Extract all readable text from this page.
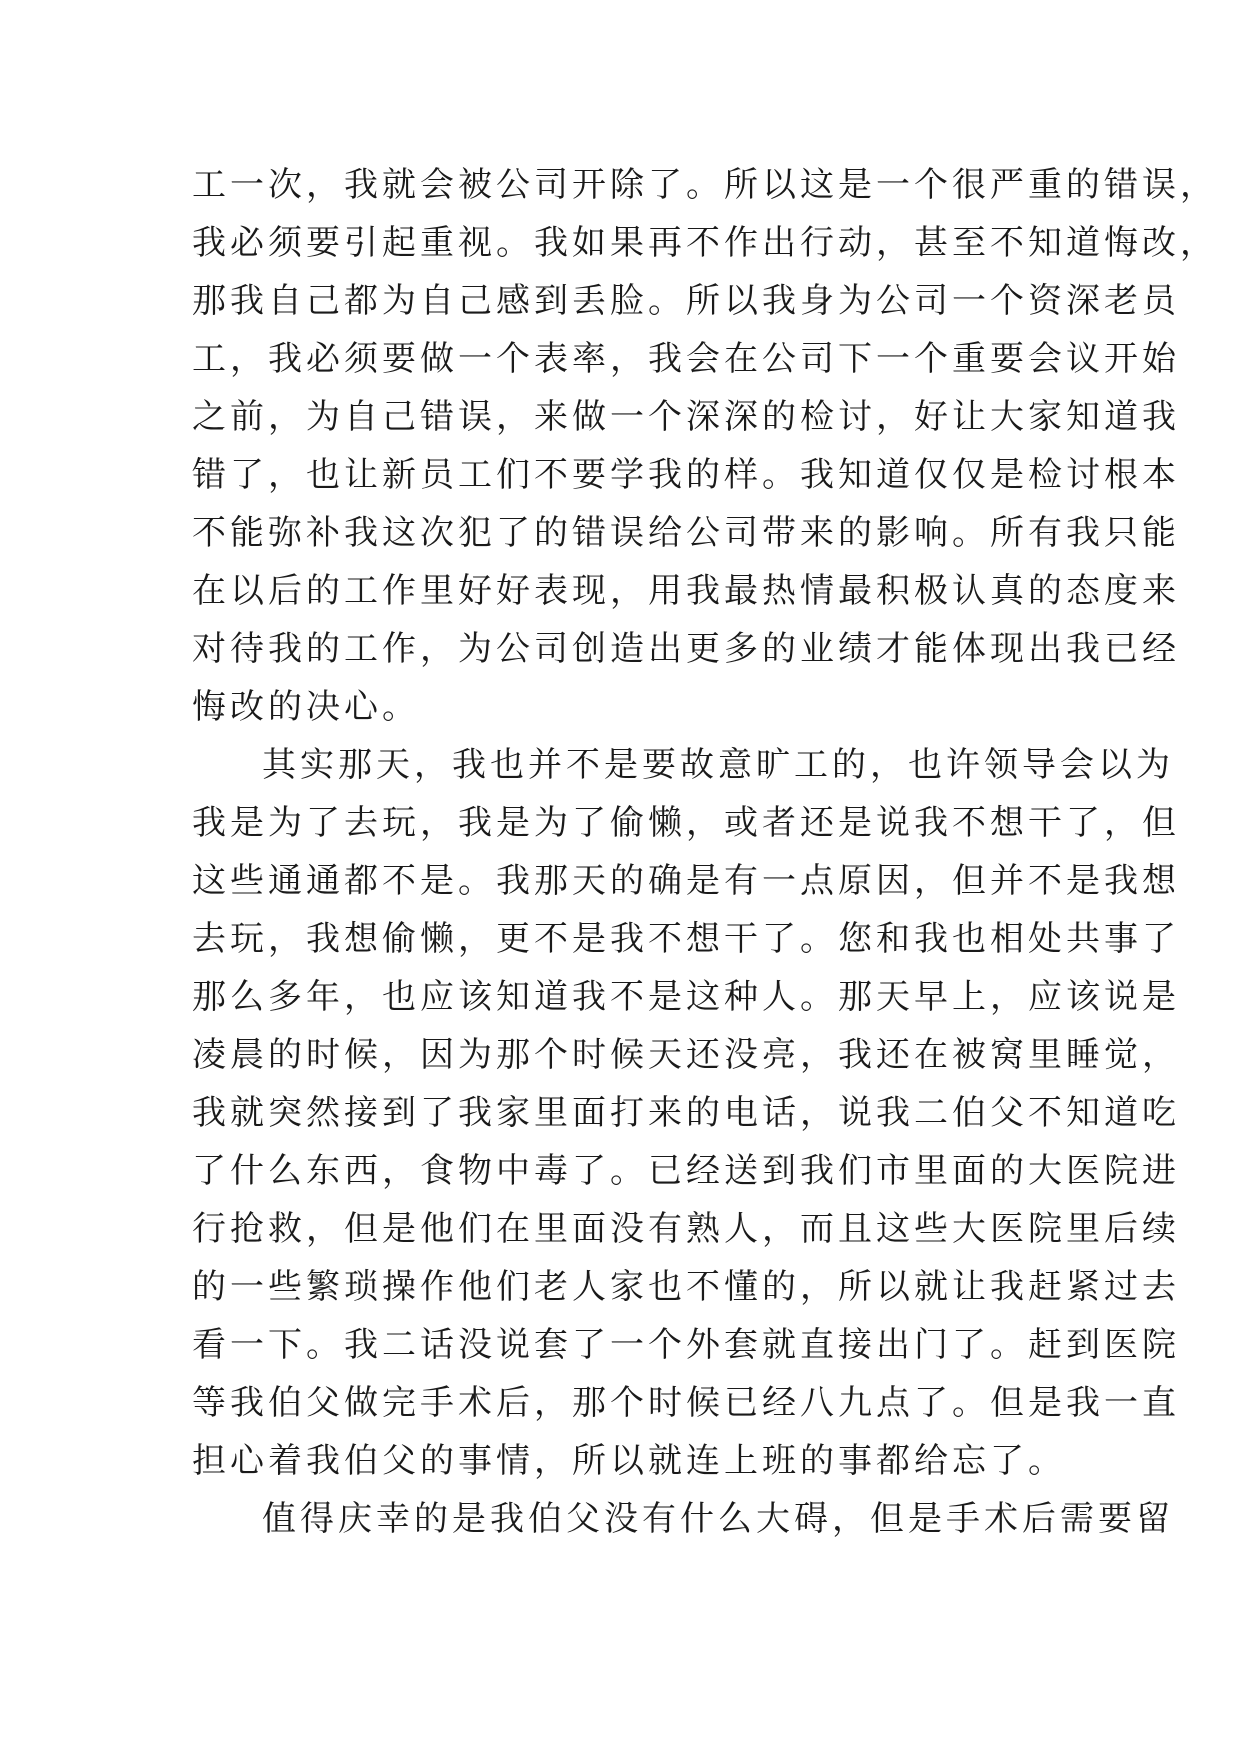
工一次，我就会被公司开除了。所以这是一个很严重的错误，
我必须要引起重视。我如果再不作出行动，甚至不知道悔改，
那我自己都为自己感到丢脸。所以我身为公司一个资深老员
工，我必须要做一个表率，我会在公司下一个重要会议开始
之前，为自己错误，来做一个深深的检讨，好让大家知道我
错了，也让新员工们不要学我的样。我知道仅仅是检讨根本
不能弥补我这次犯了的错误给公司带来的影响。所有我只能
在以后的工作里好好表现，用我最热情最积极认真的态度来
对待我的工作，为公司创造出更多的业绩才能体现出我已经
悔改的决心。
其实那天，我也并不是要故意旷工的，也许领导会以为
我是为了去玩，我是为了偷懒，或者还是说我不想干了，但
这些通通都不是。我那天的确是有一点原因，但并不是我想
去玩，我想偷懒，更不是我不想干了。您和我也相处共事了
那么多年，也应该知道我不是这种人。那天早上，应该说是
凌晨的时候，因为那个时候天还没亮，我还在被窝里睡觉，
我就突然接到了我家里面打来的电话，说我二伯父不知道吃
了什么东西，食物中毒了。已经送到我们市里面的大医院进
行抢救，但是他们在里面没有熟人，而且这些大医院里后续
的一些繁琐操作他们老人家也不懂的，所以就让我赶紧过去
看一下。我二话没说套了一个外套就直接出门了。赶到医院
等我伯父做完手术后，那个时候已经八九点了。但是我一直
担心着我伯父的事情，所以就连上班的事都给忘了。
值得庆幸的是我伯父没有什么大碍，但是手术后需要留
